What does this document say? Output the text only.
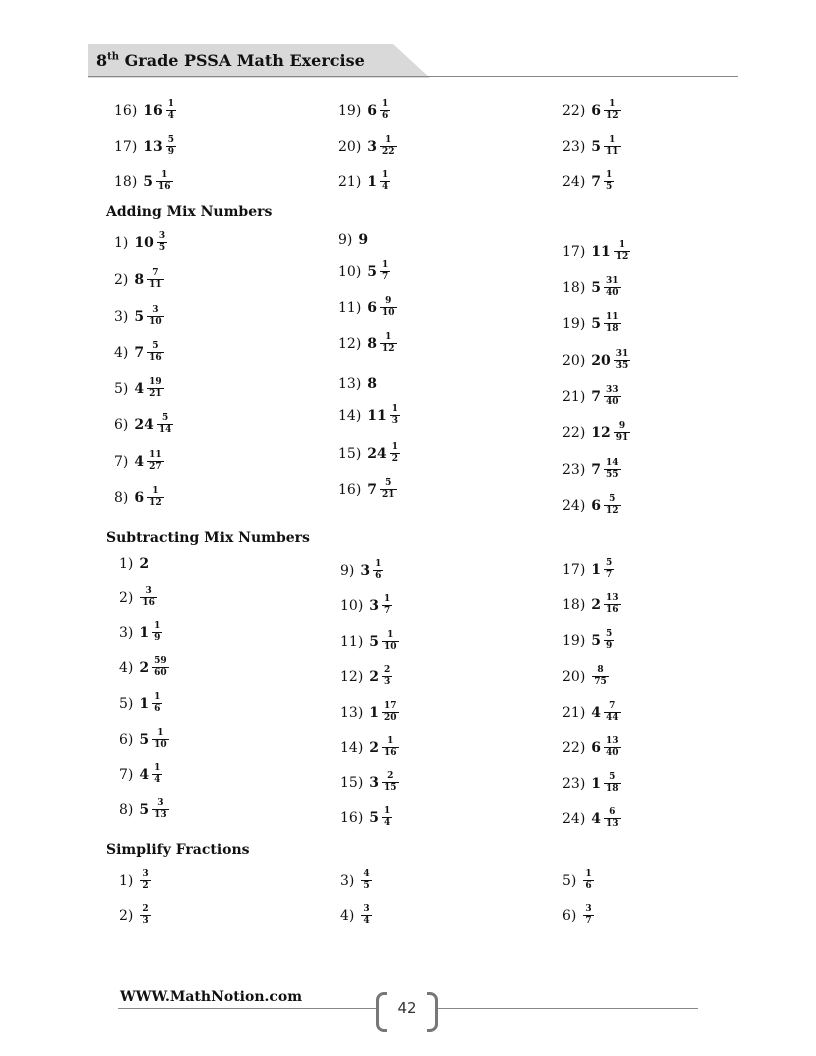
8th Grade PSSA Math Exercise
16) $16 \frac{1}{4}$
17) $13 \frac{5}{9}$
18) $5 \frac{1}{16}$
19) $6 \frac{1}{6}$
20) $3 \frac{1}{22}$
21) $1 \frac{1}{4}$
22) $6 \frac{1}{12}$
23) $5 \frac{1}{11}$
24) $7 \frac{1}{5}$
Adding Mix Numbers
Subtracting Mix Numbers
Simplify Fractions
1) $10 \frac{3}{5}$
2) $8 \frac{7}{11}$
3) $5 \frac{3}{10}$
4) $7 \frac{5}{16}$
5) $4 \frac{19}{21}$
6) $24 \frac{5}{14}$
7) $4 \frac{11}{27}$
8) $6 \frac{1}{12}$
9) 9
10) $5 \frac{1}{7}$
11) $6 \frac{9}{10}$
12) $8 \frac{1}{12}$
13) 8
14) $11 \frac{1}{3}$
15) $24 \frac{1}{2}$
16) $7 \frac{5}{21}$
17) $11 \frac{1}{12}$
18) $5 \frac{31}{40}$
19) $5 \frac{11}{18}$
20) $20 \frac{31}{35}$
21) $7 \frac{33}{40}$
22) $12 \frac{9}{91}$
23) $7 \frac{14}{55}$
24) $6 \frac{5}{12}$
1) 2
$2) \frac{3}{16}$
3) $1 \frac{1}{9}$
4) $2 \frac{59}{60}$
5) $1 \frac{1}{6}$
6) $5 \frac{1}{10}$
7) $4 \frac{1}{4}$
8) $5 \frac{3}{13}$
9) $3 \frac{1}{6}$
10) $3 \frac{1}{7}$
11) $5 \frac{1}{10}$
12) $2 \frac{2}{3}$
13) $1 \frac{17}{20}$
14) $2 \frac{1}{16}$
15) $3 \frac{2}{15}$
16) $5 \frac{1}{4}$
17) $1 \frac{5}{7}$
18) $2 \frac{13}{16}$
19) $5 \frac{5}{9}$
$20) \frac{8}{75}$
21) $4 \frac{7}{44}$
22) $6 \frac{13}{40}$
23) $1 \frac{5}{18}$
24) $4 \frac{6}{13}$
$1) \frac{3}{2}$
$2) \frac{2}{3}$
$3) \frac{4}{5}$
$4) \frac{3}{4}$
$5) \frac{1}{6}$
$6) \frac{3}{7}$
WWW.MathNotion.com
42
